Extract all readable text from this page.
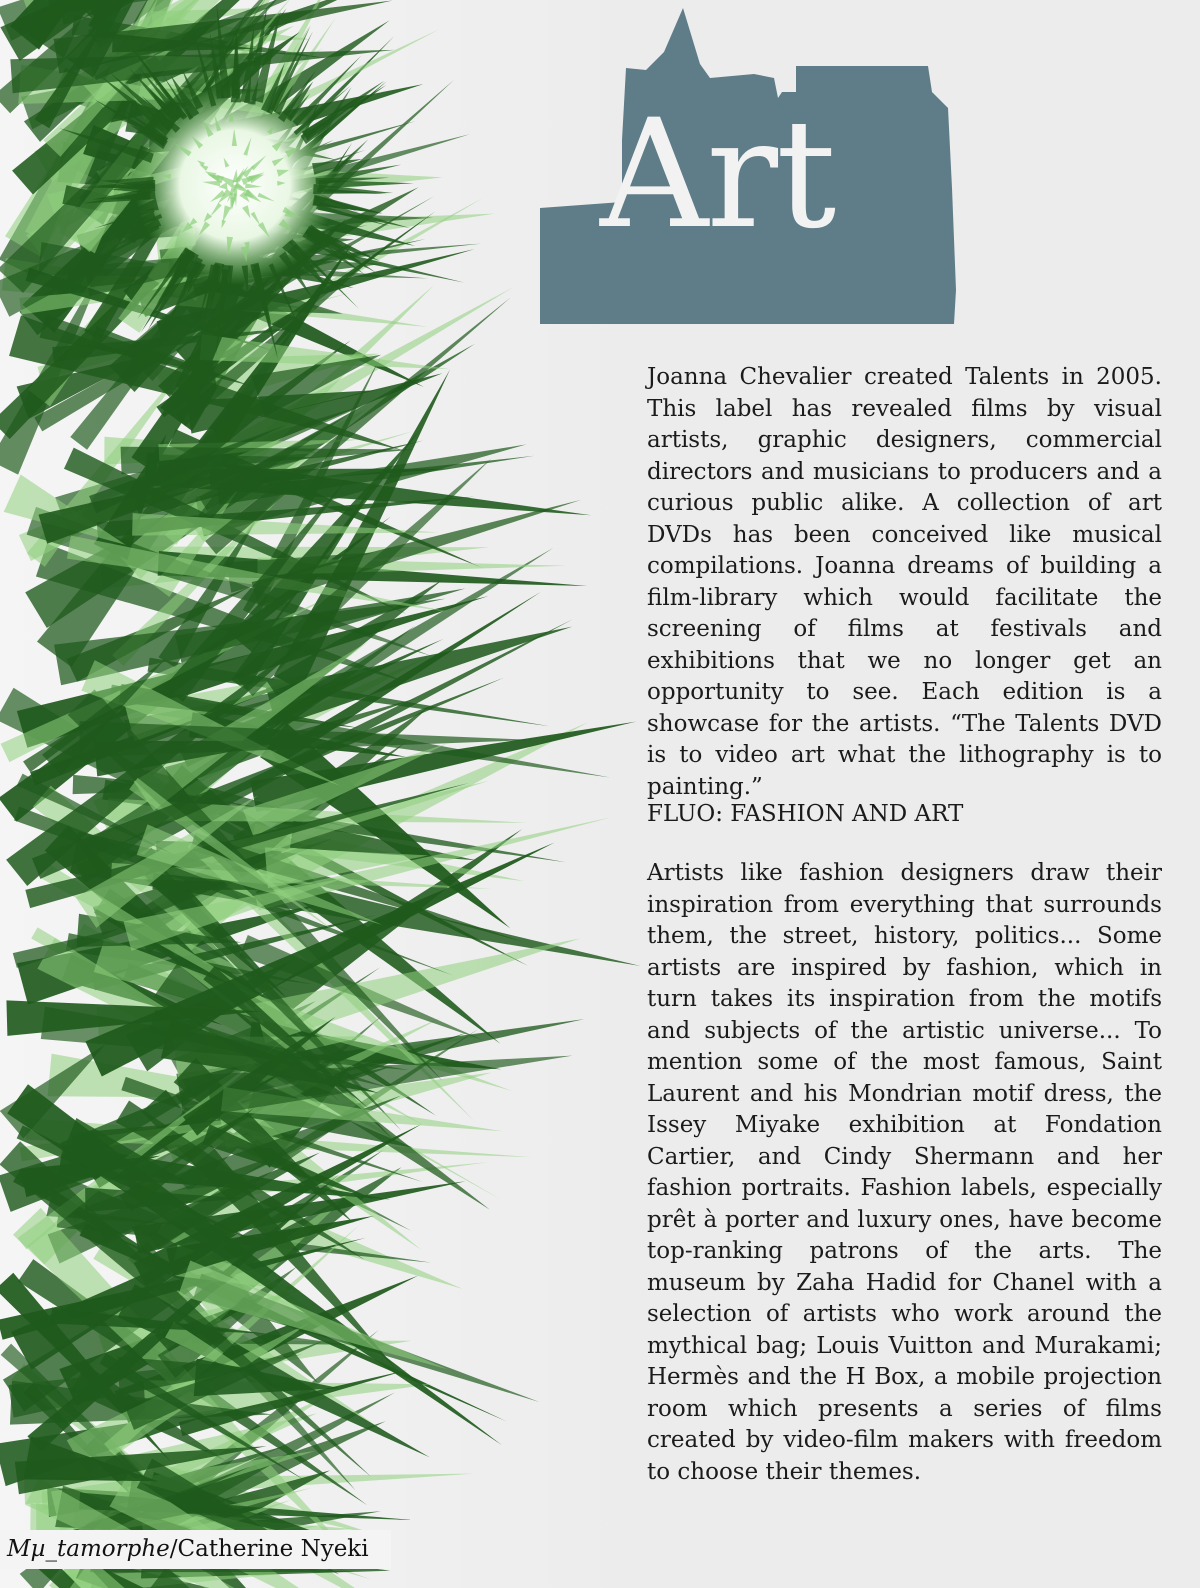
Art

Joanna Chevalier created Talents in 2005. This label has revealed films by visual artists, graphic designers, commercial directors and musicians to producers and a curious public alike. A collection of art DVDs has been conceived like musical compilations. Joanna dreams of building a film-library which would facilitate the screening of films at festivals and exhibitions that we no longer get an opportunity to see. Each edition is a showcase for the artists. “The Talents DVD is to video art what the lithography is to painting.”

FLUO: FASHION AND ART

Artists like fashion designers draw their inspiration from everything that surrounds them, the street, history, politics... Some artists are inspired by fashion, which in turn takes its inspiration from the motifs and subjects of the artistic universe... To mention some of the most famous, Saint Laurent and his Mondrian motif dress, the Issey Miyake exhibition at Fondation Cartier, and Cindy Shermann and her fashion portraits. Fashion labels, especially prêt à porter and luxury ones, have become top-ranking patrons of the arts. The museum by Zaha Hadid for Chanel with a selection of artists who work around the mythical bag; Louis Vuitton and Murakami; Hermès and the H Box, a mobile projection room which presents a series of films created by video-film makers with freedom to choose their themes.

Mµ_tamorphe/Catherine Nyeki
